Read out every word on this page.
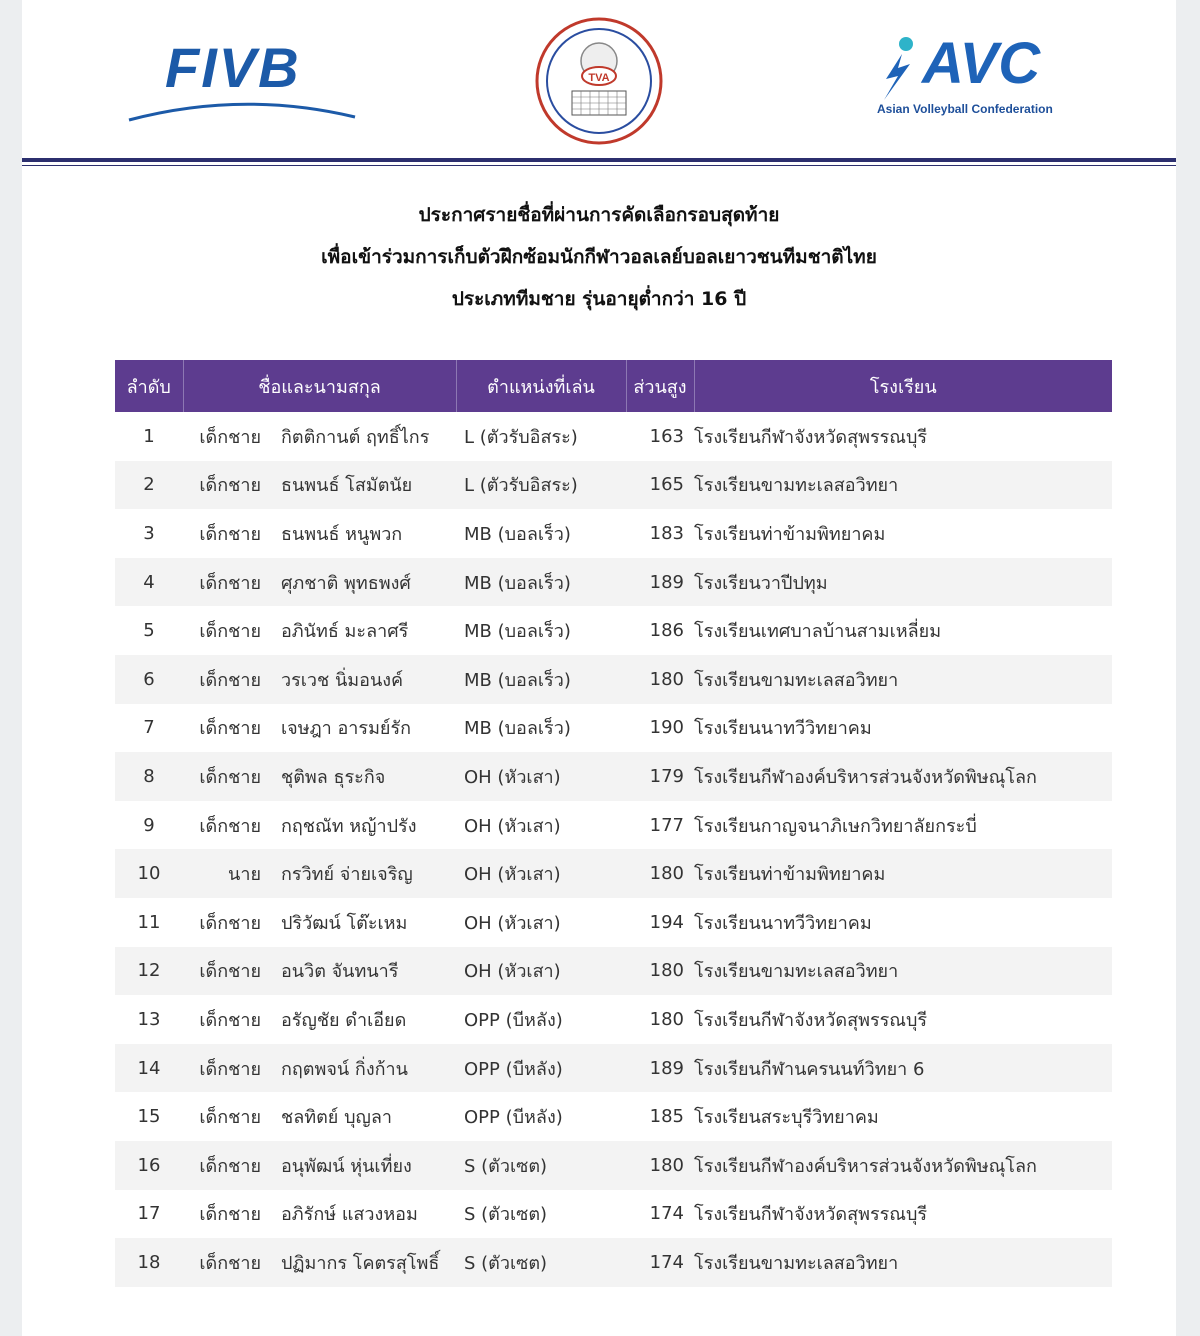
FIVB	TVA	AVC
Asian Volleyball Confederation
ประกาศรายชื่อที่ผ่านการคัดเลือกรอบสุดท้าย
เพื่อเข้าร่วมการเก็บตัวฝึกซ้อมนักกีฬาวอลเลย์บอลเยาวชนทีมชาติไทย
ประเภททีมชาย รุ่นอายุต่ำกว่า 16 ปี
ลำดับ	ชื่อและนามสกุล		ตำแหน่งที่เล่น	ส่วนสูง	โรงเรียน
1	เด็กชาย	กิตติกานต์ ฤทธิ์ไกร	L (ตัวรับอิสระ)	163	โรงเรียนกีฬาจังหวัดสุพรรณบุรี
2	เด็กชาย	ธนพนธ์ โสมัตนัย	L (ตัวรับอิสระ)	165	โรงเรียนขามทะเลสอวิทยา
3	เด็กชาย	ธนพนธ์ หนูพวก	MB (บอลเร็ว)	183	โรงเรียนท่าข้ามพิทยาคม
4	เด็กชาย	ศุภชาติ พุทธพงศ์	MB (บอลเร็ว)	189	โรงเรียนวาปีปทุม
5	เด็กชาย	อภินัทธ์ มะลาศรี	MB (บอลเร็ว)	186	โรงเรียนเทศบาลบ้านสามเหลี่ยม
6	เด็กชาย	วรเวช นิ่มอนงค์	MB (บอลเร็ว)	180	โรงเรียนขามทะเลสอวิทยา
7	เด็กชาย	เจษฎา อารมย์รัก	MB (บอลเร็ว)	190	โรงเรียนนาทวีวิทยาคม
8	เด็กชาย	ชุติพล ธุระกิจ	OH (หัวเสา)	179	โรงเรียนกีฬาองค์บริหารส่วนจังหวัดพิษณุโลก
9	เด็กชาย	กฤชณัท หญ้าปรัง	OH (หัวเสา)	177	โรงเรียนกาญจนาภิเษกวิทยาลัยกระบี่
10	นาย	กรวิทย์ จ่ายเจริญ	OH (หัวเสา)	180	โรงเรียนท่าข้ามพิทยาคม
11	เด็กชาย	ปริวัฒน์ โต๊ะเหม	OH (หัวเสา)	194	โรงเรียนนาทวีวิทยาคม
12	เด็กชาย	อนวิต จันทนารี	OH (หัวเสา)	180	โรงเรียนขามทะเลสอวิทยา
13	เด็กชาย	อรัญชัย ดำเอียด	OPP (บีหลัง)	180	โรงเรียนกีฬาจังหวัดสุพรรณบุรี
14	เด็กชาย	กฤตพจน์ กิ่งก้าน	OPP (บีหลัง)	189	โรงเรียนกีฬานครนนท์วิทยา 6
15	เด็กชาย	ชลทิตย์ บุญลา	OPP (บีหลัง)	185	โรงเรียนสระบุรีวิทยาคม
16	เด็กชาย	อนุพัฒน์ หุ่นเที่ยง	S (ตัวเซต)	180	โรงเรียนกีฬาองค์บริหารส่วนจังหวัดพิษณุโลก
17	เด็กชาย	อภิรักษ์ แสวงหอม	S (ตัวเซต)	174	โรงเรียนกีฬาจังหวัดสุพรรณบุรี
18	เด็กชาย	ปฏิมากร โคตรสุโพธิ์	S (ตัวเซต)	174	โรงเรียนขามทะเลสอวิทยา
